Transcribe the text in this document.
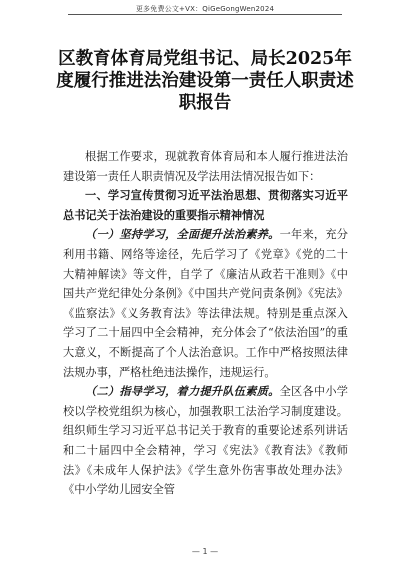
更多免费公文+VX：QiGeGongWen2024
区教育体育局党组书记、局长2025年度履行推进法治建设第一责任人职责述职报告

根据工作要求，现就教育体育局和本人履行推进法治建设第一责任人职责情况及学法用法情况报告如下：

一、学习宣传贯彻习近平法治思想、贯彻落实习近平总书记关于法治建设的重要指示精神情况

（一）坚持学习，全面提升法治素养。一年来，充分利用书籍、网络等途径，先后学习了《党章》《党的二十大精神解读》等文件，自学了《廉洁从政若干准则》《中国共产党纪律处分条例》《中国共产党问责条例》《宪法》《监察法》《义务教育法》等法律法规。特别是重点深入学习了二十届四中全会精神，充分体会了“依法治国”的重大意义，不断提高了个人法治意识。工作中严格按照法律法规办事，严格杜绝违法操作，违规运行。

（二）指导学习，着力提升队伍素质。全区各中小学校以学校党组织为核心，加强教职工法治学习制度建设。组织师生学习习近平总书记关于教育的重要论述系列讲话和二十届四中全会精神，学习《宪法》《教育法》《教师法》《未成年人保护法》《学生意外伤害事故处理办法》《中小学幼儿园安全管

— 1 —
